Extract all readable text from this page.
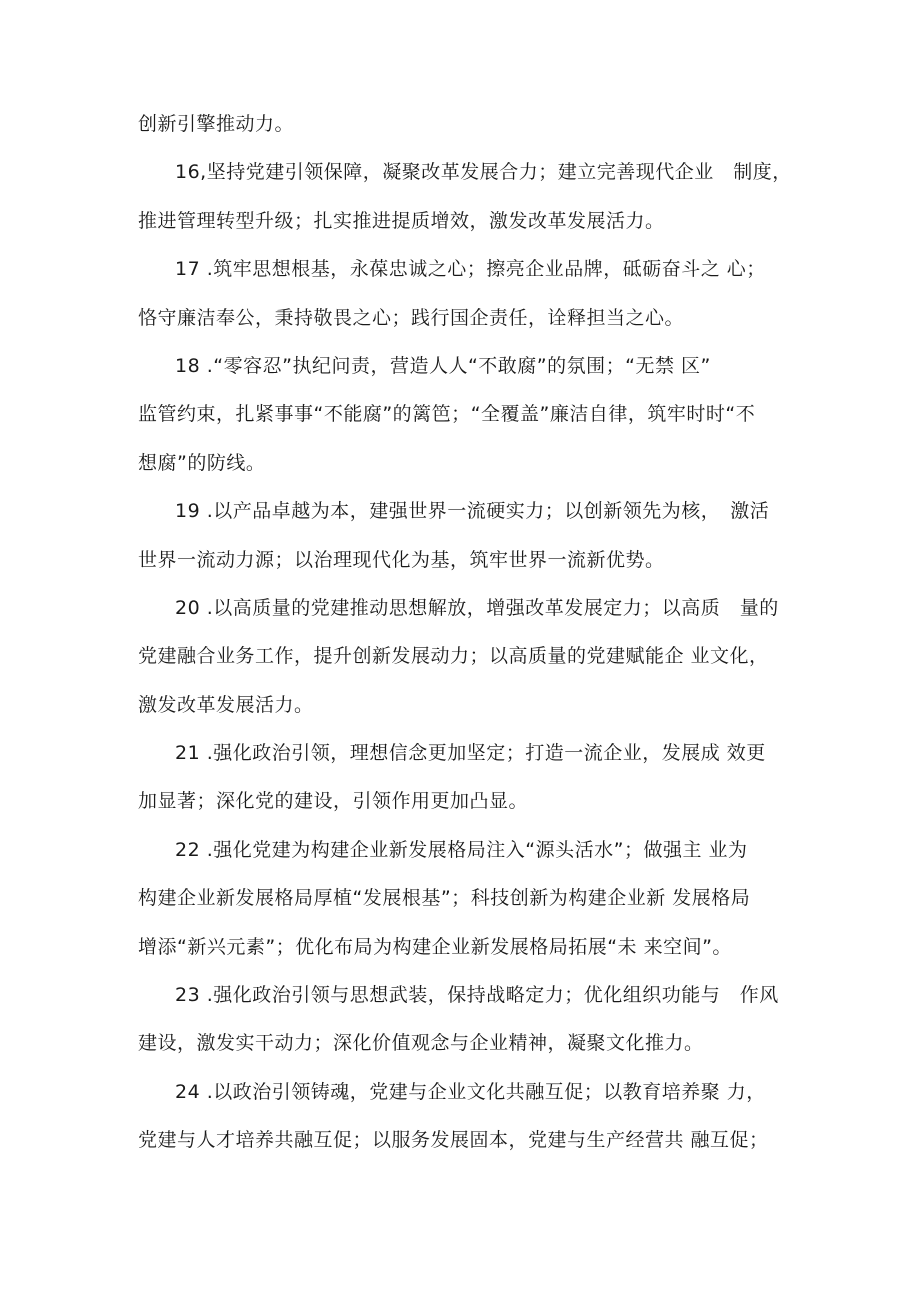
创新引擎推动力。
16,坚持党建引领保障，凝聚改革发展合力；建立完善现代企业　制度，
推进管理转型升级；扎实推进提质增效，激发改革发展活力。
17 .筑牢思想根基，永葆忠诚之心；擦亮企业品牌，砥砺奋斗之 心；
恪守廉洁奉公，秉持敬畏之心；践行国企责任，诠释担当之心。
18 .“零容忍”执纪问责，营造人人“不敢腐”的氛围；“无禁 区”
监管约束，扎紧事事“不能腐”的篱笆；“全覆盖”廉洁自律，筑牢时时“不
想腐”的防线。
19 .以产品卓越为本，建强世界一流硬实力；以创新领先为核，　激活
世界一流动力源；以治理现代化为基，筑牢世界一流新优势。
20 .以高质量的党建推动思想解放，增强改革发展定力；以高质　量的
党建融合业务工作，提升创新发展动力；以高质量的党建赋能企 业文化，
激发改革发展活力。
21 .强化政治引领，理想信念更加坚定；打造一流企业，发展成 效更
加显著；深化党的建设，引领作用更加凸显。
22 .强化党建为构建企业新发展格局注入“源头活水”；做强主 业为
构建企业新发展格局厚植“发展根基”；科技创新为构建企业新 发展格局
增添“新兴元素”；优化布局为构建企业新发展格局拓展“未 来空间”。
23 .强化政治引领与思想武装，保持战略定力；优化组织功能与　作风
建设，激发实干动力；深化价值观念与企业精神，凝聚文化推力。
24 .以政治引领铸魂，党建与企业文化共融互促；以教育培养聚 力，
党建与人才培养共融互促；以服务发展固本，党建与生产经营共 融互促；
